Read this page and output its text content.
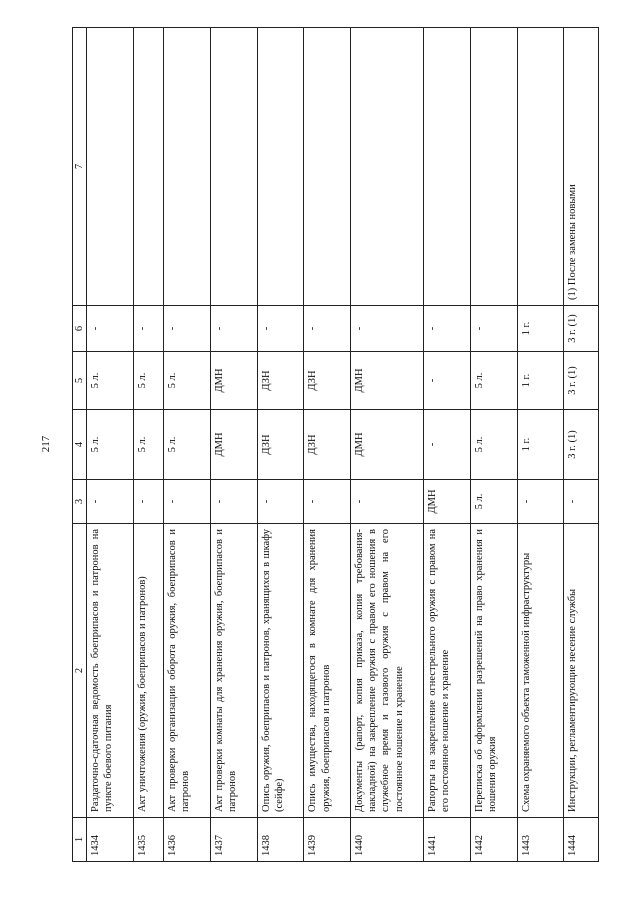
217
1	2	3	4	5	6	7
1434	Раздаточно-сдаточная ведомость боеприпасов и патронов на пункте боевого питания	-	5 л.	5 л.	-	
1435	Акт уничтожения (оружия, боеприпасов и патронов)	-	5 л.	5 л.	-	
1436	Акт проверки организации оборота оружия, боеприпасов и патронов	-	5 л.	5 л.	-	
1437	Акт проверки комнаты для хранения оружия, боеприпасов и патронов	-	ДМН	ДМН	-	
1438	Опись оружия, боеприпасов и патронов, хранящихся в шкафу (сейфе)	-	ДЗН	ДЗН	-	
1439	Опись имущества, находящегося в комнате для хранения оружия, боеприпасов и патронов	-	ДЗН	ДЗН	-	
1440	Документы (рапорт, копия приказа, копия требования-накладной) на закрепление оружия с правом его ношения в служебное время и газового оружия с правом на его постоянное ношение и хранение	-	ДМН	ДМН	-	
1441	Рапорты на закрепление огнестрельного оружия с правом на его постоянное ношение и хранение	ДМН	-	-	-	
1442	Переписка об оформлении разрешений на право хранения и ношения оружия	5 л.	5 л.	5 л.	-	
1443	Схема охраняемого объекта таможенной инфраструктуры	-	1 г.	1 г.	1 г.	
1444	Инструкции, регламентирующие несение службы	-	3 г. (1)	3 г. (1)	3 г. (1)	(1) После замены новыми
